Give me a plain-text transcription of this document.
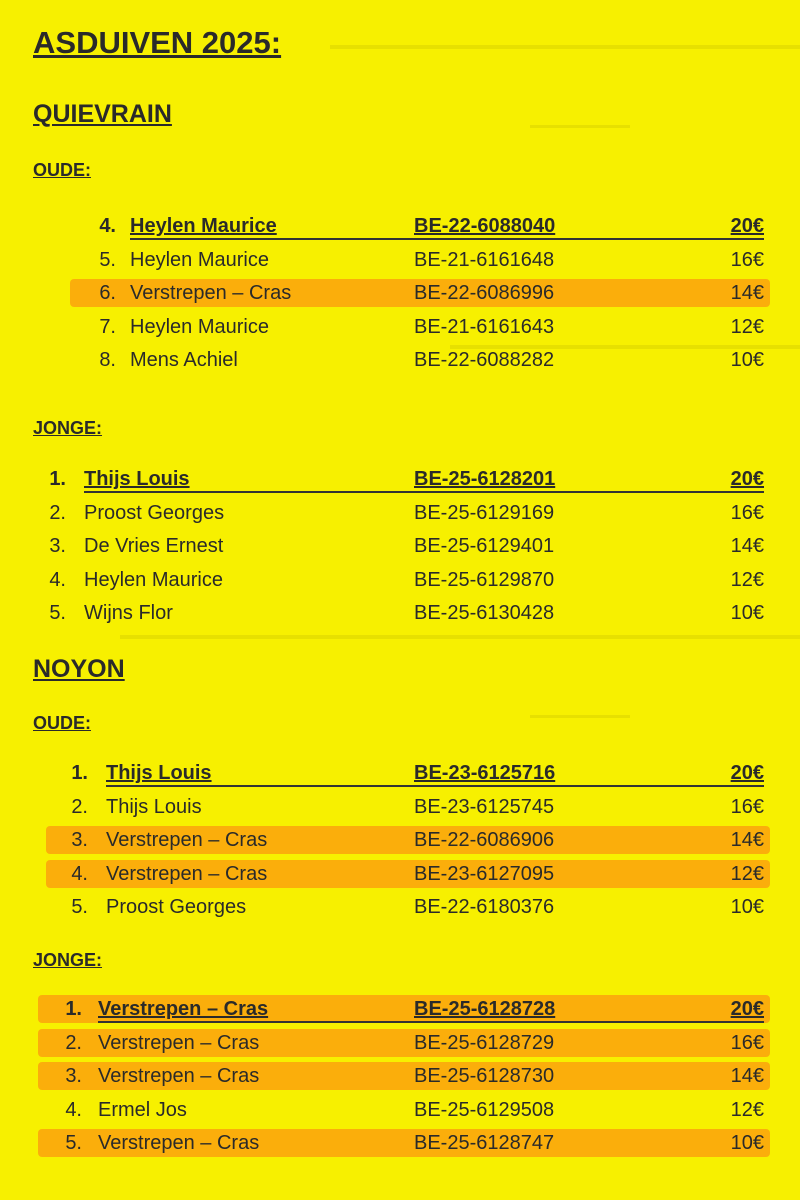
ASDUIVEN 2025:
QUIEVRAIN
OUDE:
JONGE:
NOYON
OUDE:
JONGE:
4. Heylen Maurice	BE-22-6088040	20€
5. Heylen Maurice	BE-21-6161648	16€
6. Verstrepen – Cras	BE-22-6086996	14€
7. Heylen Maurice	BE-21-6161643	12€
8. Mens Achiel	BE-22-6088282	10€
1. Thijs Louis	BE-25-6128201	20€
2. Proost Georges	BE-25-6129169	16€
3. De Vries Ernest	BE-25-6129401	14€
4. Heylen Maurice	BE-25-6129870	12€
5. Wijns Flor	BE-25-6130428	10€
1. Thijs Louis	BE-23-6125716	20€
2. Thijs Louis	BE-23-6125745	16€
3. Verstrepen – Cras	BE-22-6086906	14€
4. Verstrepen – Cras	BE-23-6127095	12€
5. Proost Georges	BE-22-6180376	10€
1. Verstrepen – Cras	BE-25-6128728	20€
2. Verstrepen – Cras	BE-25-6128729	16€
3. Verstrepen – Cras	BE-25-6128730	14€
4. Ermel Jos	BE-25-6129508	12€
5. Verstrepen – Cras	BE-25-6128747	10€
